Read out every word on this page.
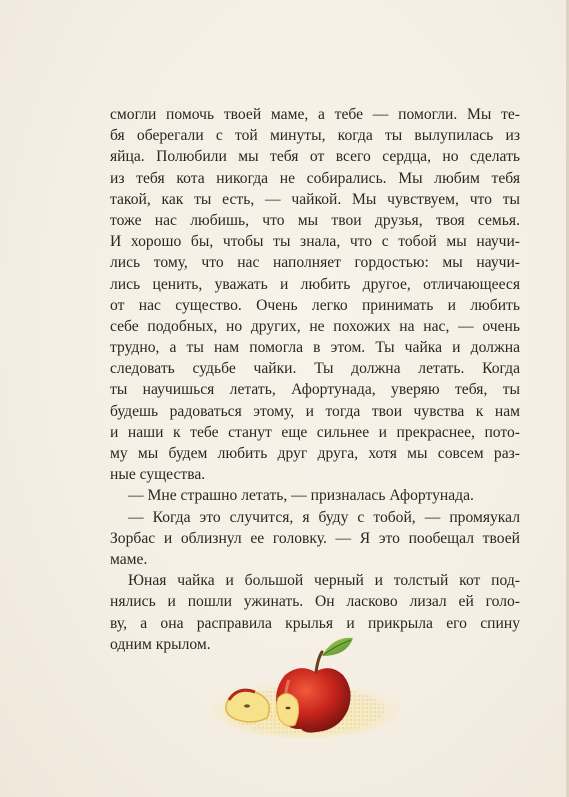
смогли помочь твоей маме, а тебе — помогли. Мы те-
бя оберегали с той минуты, когда ты вылупилась из
яйца. Полюбили мы тебя от всего сердца, но сделать
из тебя кота никогда не собирались. Мы любим тебя
такой, как ты есть, — чайкой. Мы чувствуем, что ты
тоже нас любишь, что мы твои друзья, твоя семья.
И хорошо бы, чтобы ты знала, что с тобой мы научи-
лись тому, что нас наполняет гордостью: мы научи-
лись ценить, уважать и любить другое, отличающееся
от нас существо. Очень легко принимать и любить
себе подобных, но других, не похожих на нас, — очень
трудно, а ты нам помогла в этом. Ты чайка и должна
следовать судьбе чайки. Ты должна летать. Когда
ты научишься летать, Афортунада, уверяю тебя, ты
будешь радоваться этому, и тогда твои чувства к нам
и наши к тебе станут еще сильнее и прекраснее, пото-
му мы будем любить друг друга, хотя мы совсем раз-
ные существа.
— Мне страшно летать, — призналась Афортунада.
— Когда это случится, я буду с тобой, — промяукал
Зорбас и облизнул ее головку. — Я это пообещал твоей
маме.
Юная чайка и большой черный и толстый кот под-
нялись и пошли ужинать. Он ласково лизал ей голо-
ву, а она расправила крылья и прикрыла его спину
одним крылом.
